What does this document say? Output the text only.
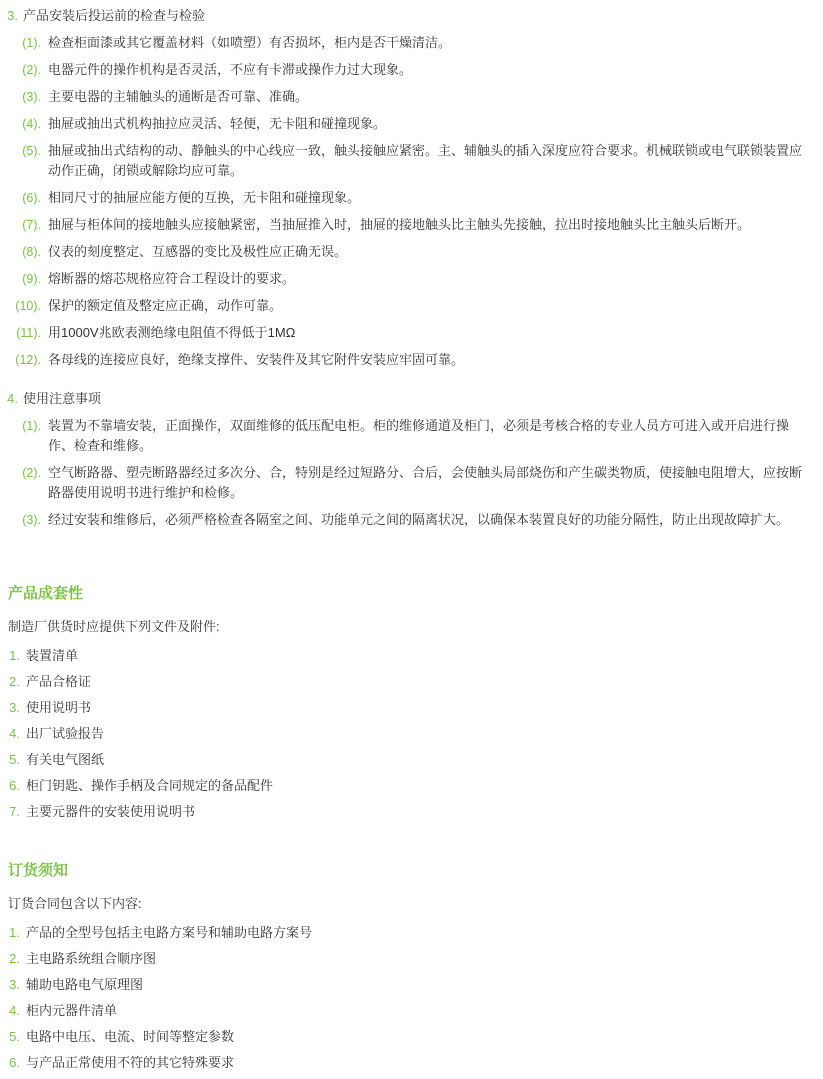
3. 产品安装后投运前的检查与检验
(1). 检查柜面漆或其它覆盖材料（如喷塑）有否损坏，柜内是否干燥清洁。
(2). 电器元件的操作机构是否灵活，不应有卡滞或操作力过大现象。
(3). 主要电器的主辅触头的通断是否可靠、准确。
(4). 抽屉或抽出式机构抽拉应灵活、轻便，无卡阻和碰撞现象。
(5). 抽屉或抽出式结构的动、静触头的中心线应一致，触头接触应紧密。主、辅触头的插入深度应符合要求。机械联锁或电气联锁装置应动作正确，闭锁或解除均应可靠。
(6). 相同尺寸的抽屉应能方便的互换，无卡阻和碰撞现象。
(7). 抽屉与柜体间的接地触头应接触紧密，当抽屉推入时，抽屉的接地触头比主触头先接触，拉出时接地触头比主触头后断开。
(8). 仪表的刻度整定、互感器的变比及极性应正确无误。
(9). 熔断器的熔芯规格应符合工程设计的要求。
(10). 保护的额定值及整定应正确，动作可靠。
(11). 用1000V兆欧表测绝缘电阻值不得低于1MΩ
(12). 各母线的连接应良好，绝缘支撑件、安装件及其它附件安装应牢固可靠。
4. 使用注意事项
(1). 装置为不靠墙安装，正面操作，双面维修的低压配电柜。柜的维修通道及柜门，必须是考核合格的专业人员方可进入或开启进行操作、检查和维修。
(2). 空气断路器、塑壳断路器经过多次分、合，特别是经过短路分、合后，会使触头局部烧伤和产生碳类物质，使接触电阻增大，应按断路器使用说明书进行维护和检修。
(3). 经过安装和维修后，必须严格检查各隔室之间、功能单元之间的隔离状况，以确保本装置良好的功能分隔性，防止出现故障扩大。
产品成套性
制造厂供货时应提供下列文件及附件:
1. 装置清单
2. 产品合格证
3. 使用说明书
4. 出厂试验报告
5. 有关电气图纸
6. 柜门钥匙、操作手柄及合同规定的备品配件
7. 主要元器件的安装使用说明书
订货须知
订货合同包含以下内容:
1. 产品的全型号包括主电路方案号和辅助电路方案号
2. 主电路系统组合顺序图
3. 辅助电路电气原理图
4. 柜内元器件清单
5. 电路中电压、电流、时间等整定参数
6. 与产品正常使用不符的其它特殊要求
